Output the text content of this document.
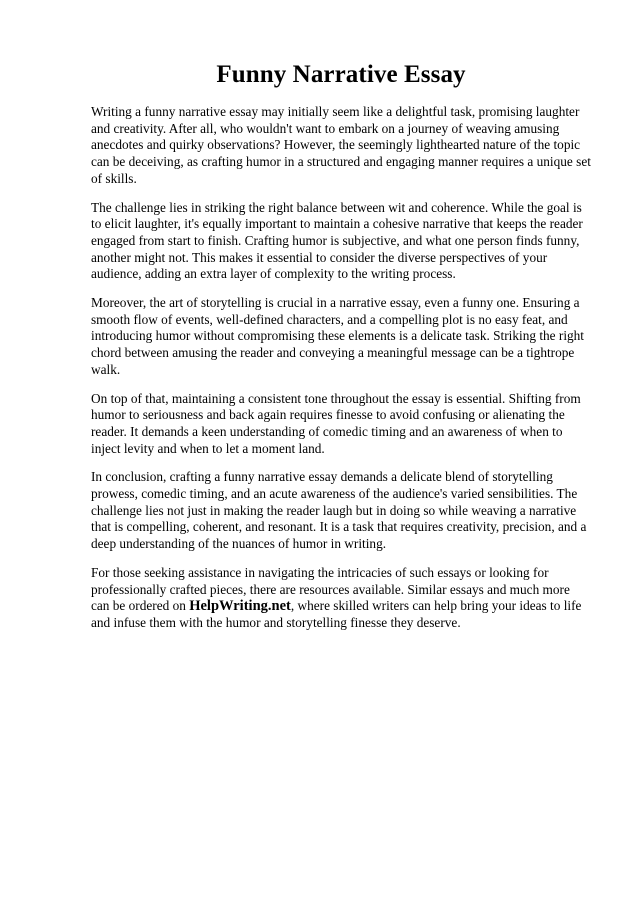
Funny Narrative Essay

Writing a funny narrative essay may initially seem like a delightful task, promising laughter and creativity. After all, who wouldn't want to embark on a journey of weaving amusing anecdotes and quirky observations? However, the seemingly lighthearted nature of the topic can be deceiving, as crafting humor in a structured and engaging manner requires a unique set of skills.

The challenge lies in striking the right balance between wit and coherence. While the goal is to elicit laughter, it's equally important to maintain a cohesive narrative that keeps the reader engaged from start to finish. Crafting humor is subjective, and what one person finds funny, another might not. This makes it essential to consider the diverse perspectives of your audience, adding an extra layer of complexity to the writing process.

Moreover, the art of storytelling is crucial in a narrative essay, even a funny one. Ensuring a smooth flow of events, well-defined characters, and a compelling plot is no easy feat, and introducing humor without compromising these elements is a delicate task. Striking the right chord between amusing the reader and conveying a meaningful message can be a tightrope walk.

On top of that, maintaining a consistent tone throughout the essay is essential. Shifting from humor to seriousness and back again requires finesse to avoid confusing or alienating the reader. It demands a keen understanding of comedic timing and an awareness of when to inject levity and when to let a moment land.

In conclusion, crafting a funny narrative essay demands a delicate blend of storytelling prowess, comedic timing, and an acute awareness of the audience's varied sensibilities. The challenge lies not just in making the reader laugh but in doing so while weaving a narrative that is compelling, coherent, and resonant. It is a task that requires creativity, precision, and a deep understanding of the nuances of humor in writing.

For those seeking assistance in navigating the intricacies of such essays or looking for professionally crafted pieces, there are resources available. Similar essays and much more can be ordered on HelpWriting.net, where skilled writers can help bring your ideas to life and infuse them with the humor and storytelling finesse they deserve.
